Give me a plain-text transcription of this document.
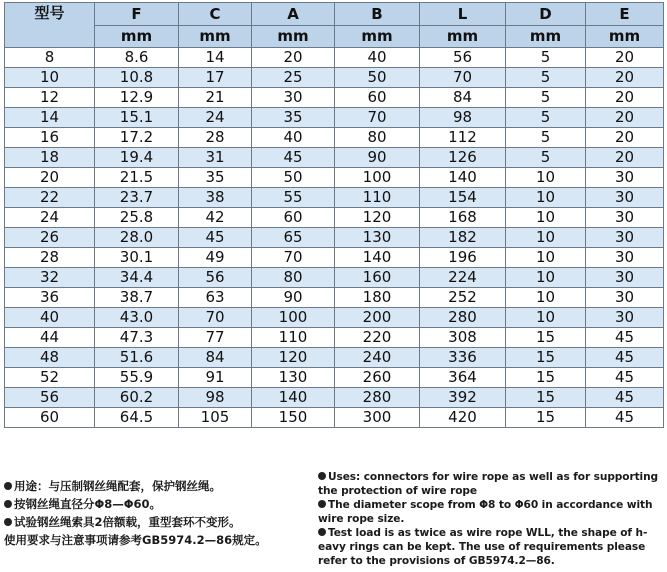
型号	F	C	A	B	L	D	E
	mm	mm	mm	mm	mm	mm	mm
8	8.6	14	20	40	56	5	20
10	10.8	17	25	50	70	5	20
12	12.9	21	30	60	84	5	20
14	15.1	24	35	70	98	5	20
16	17.2	28	40	80	112	5	20
18	19.4	31	45	90	126	5	20
20	21.5	35	50	100	140	10	30
22	23.7	38	55	110	154	10	30
24	25.8	42	60	120	168	10	30
26	28.0	45	65	130	182	10	30
28	30.1	49	70	140	196	10	30
32	34.4	56	80	160	224	10	30
36	38.7	63	90	180	252	10	30
40	43.0	70	100	200	280	10	30
44	47.3	77	110	220	308	15	45
48	51.6	84	120	240	336	15	45
52	55.9	91	130	260	364	15	45
56	60.2	98	140	280	392	15	45
60	64.5	105	150	300	420	15	45
用途：与压制钢丝绳配套，保护钢丝绳。
按钢丝绳直径分Φ8—Φ60。
试验钢丝绳索具2倍额载，重型套环不变形。
使用要求与注意事项请参考GB5974.2—86规定。
Uses: connectors for wire rope as well as for supporting the protection of wire rope
The diameter scope from Φ8 to Φ60 in accordance with wire rope size.
Test load is as twice as wire rope WLL, the shape of h-eavy rings can be kept. The use of requirements please refer to the provisions of GB5974.2—86.
